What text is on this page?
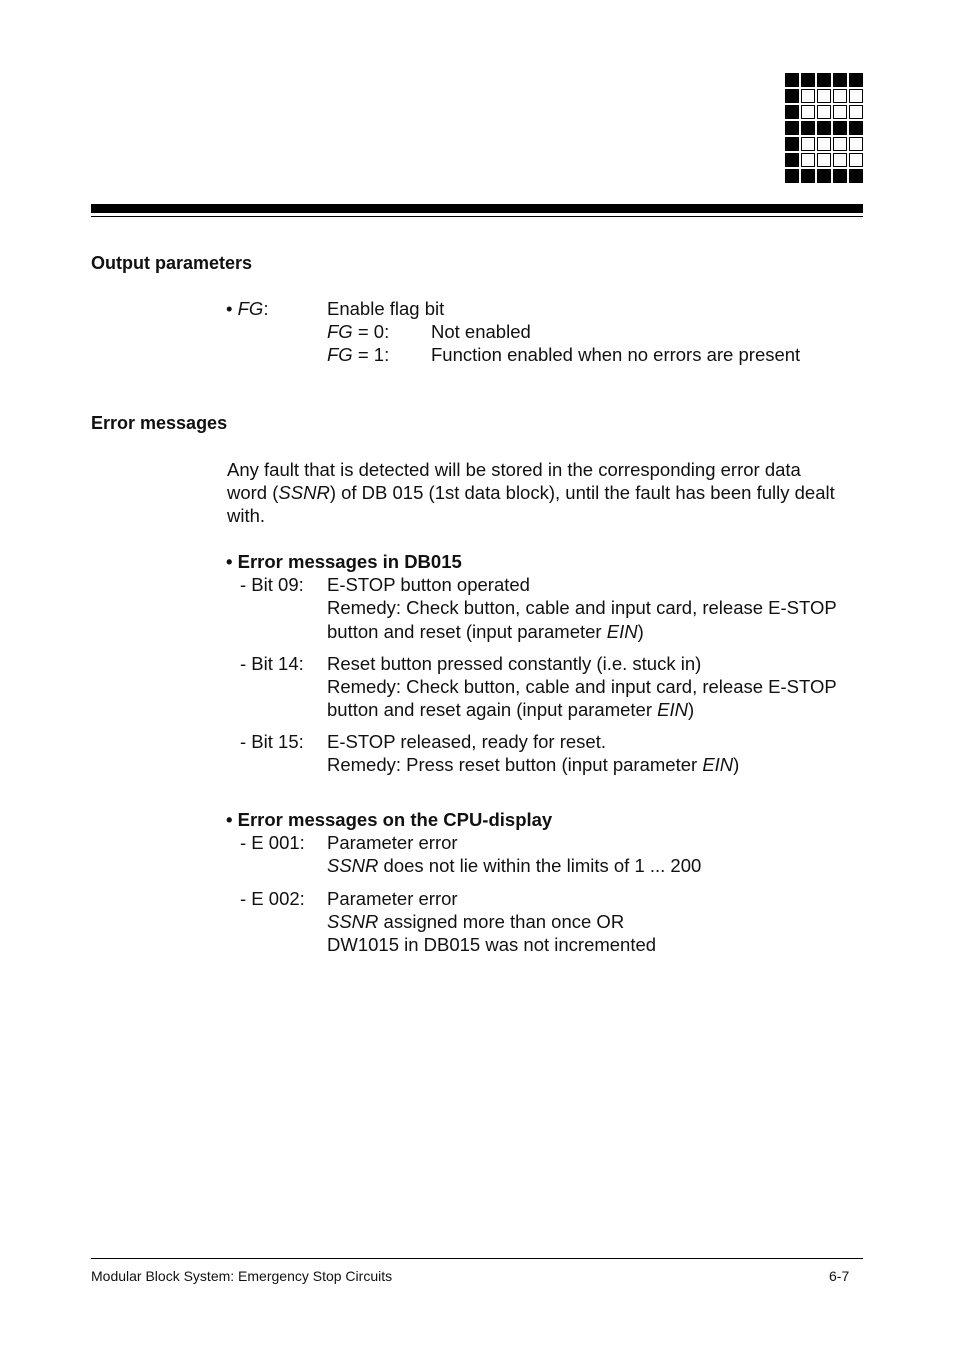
Output parameters
• FG:	Enable flag bit
FG = 0: Not enabled
FG = 1: Function enabled when no errors are present
Error messages
Any fault that is detected will be stored in the corresponding error data
word (SSNR) of DB 015 (1st data block), until the fault has been fully dealt
with.
• Error messages in DB015
- Bit 09: E-STOP button operated
Remedy: Check button, cable and input card, release E-STOP
button and reset (input parameter EIN)
- Bit 14: Reset button pressed constantly (i.e. stuck in)
Remedy: Check button, cable and input card, release E-STOP
button and reset again (input parameter EIN)
- Bit 15: E-STOP released, ready for reset.
Remedy: Press reset button (input parameter EIN)
• Error messages on the CPU-display
- E 001: Parameter error
SSNR does not lie within the limits of 1 ... 200
- E 002: Parameter error
SSNR assigned more than once OR
DW1015 in DB015 was not incremented
Modular Block System: Emergency Stop Circuits	6-7
